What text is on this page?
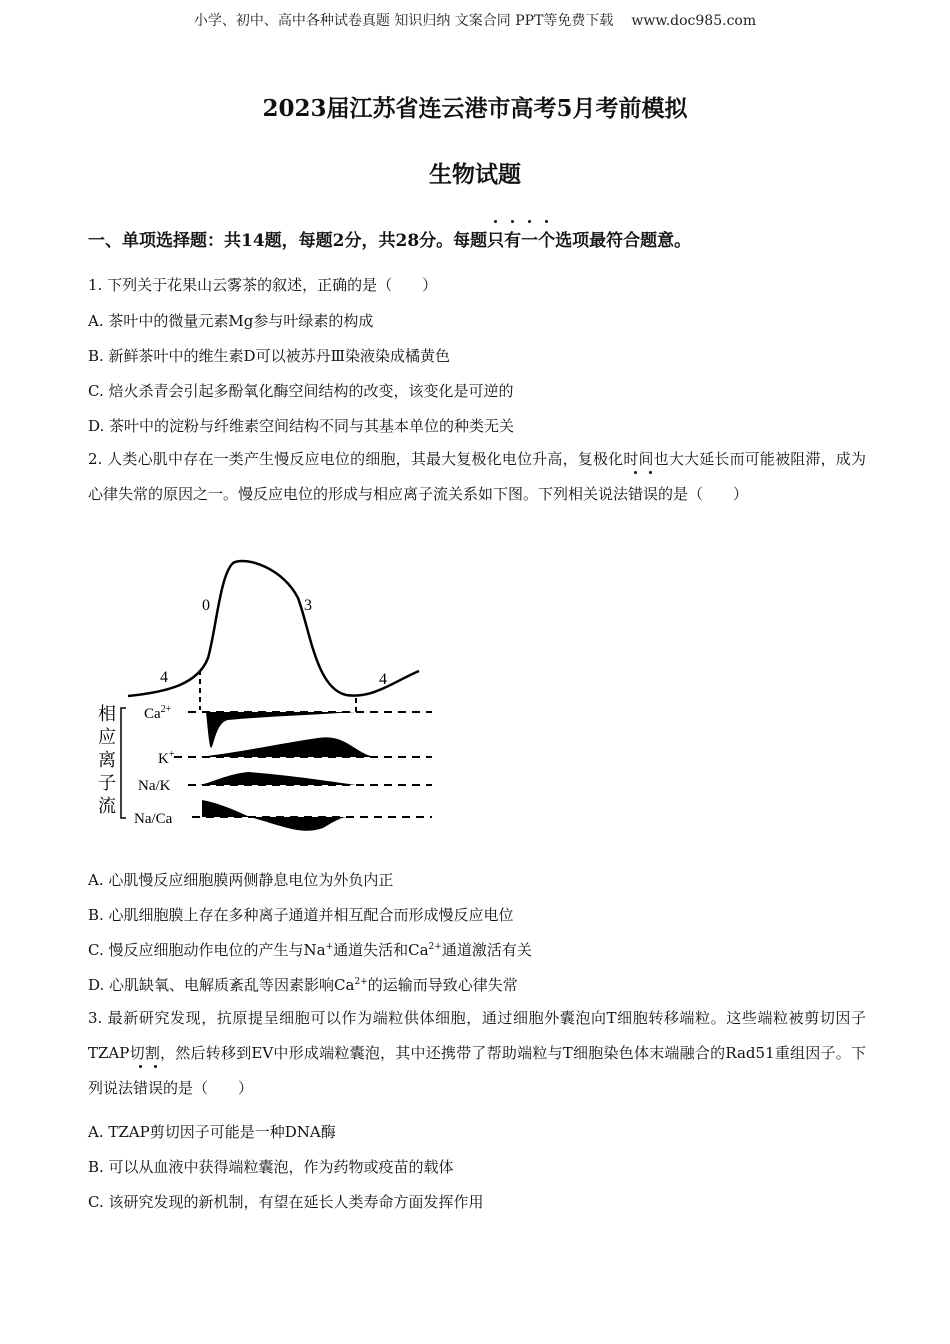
小学、初中、高中各种试卷真题 知识归纳 文案合同 PPT等免费下载 www.doc985.com
2023届江苏省连云港市高考5月考前模拟
生物试题
一、单项选择题：共14题，每题2分，共28分。每题只有一个选项最符合题意。
1. 下列关于花果山云雾茶的叙述，正确的是（　　）
A. 茶叶中的微量元素Mg参与叶绿素的构成
B. 新鲜茶叶中的维生素D可以被苏丹Ⅲ染液染成橘黄色
C. 焙火杀青会引起多酚氧化酶空间结构的改变，该变化是可逆的
D. 茶叶中的淀粉与纤维素空间结构不同与其基本单位的种类无关
2. 人类心肌中存在一类产生慢反应电位的细胞，其最大复极化电位升高，复极化时间也大大延长而可能被阻滞，成为心律失常的原因之一。慢反应电位的形成与相应离子流关系如下图。下列相关说法错误的是（　　）
4
0	3
4
相
应
离
子
流
$Ca^{2+}$
K+
Na/K
Na/Ca
A. 心肌慢反应细胞膜两侧静息电位为外负内正
B. 心肌细胞膜上存在多种离子通道并相互配合而形成慢反应电位
C. 慢反应细胞动作电位的产生与Na+通道失活和$Ca^{2+}$通道激活有关
D. 心肌缺氧、电解质紊乱等因素影响$Ca^{2+}$的运输而导致心律失常
3. 最新研究发现，抗原提呈细胞可以作为端粒供体细胞，通过细胞外囊泡向T细胞转移端粒。这些端粒被剪切因子TZAP切割，然后转移到EV中形成端粒囊泡，其中还携带了帮助端粒与T细胞染色体末端融合的Rad51重组因子。下列说法错误的是（　　）
A. TZAP剪切因子可能是一种DNA酶
B. 可以从血液中获得端粒囊泡，作为药物或疫苗的载体
C. 该研究发现的新机制，有望在延长人类寿命方面发挥作用
